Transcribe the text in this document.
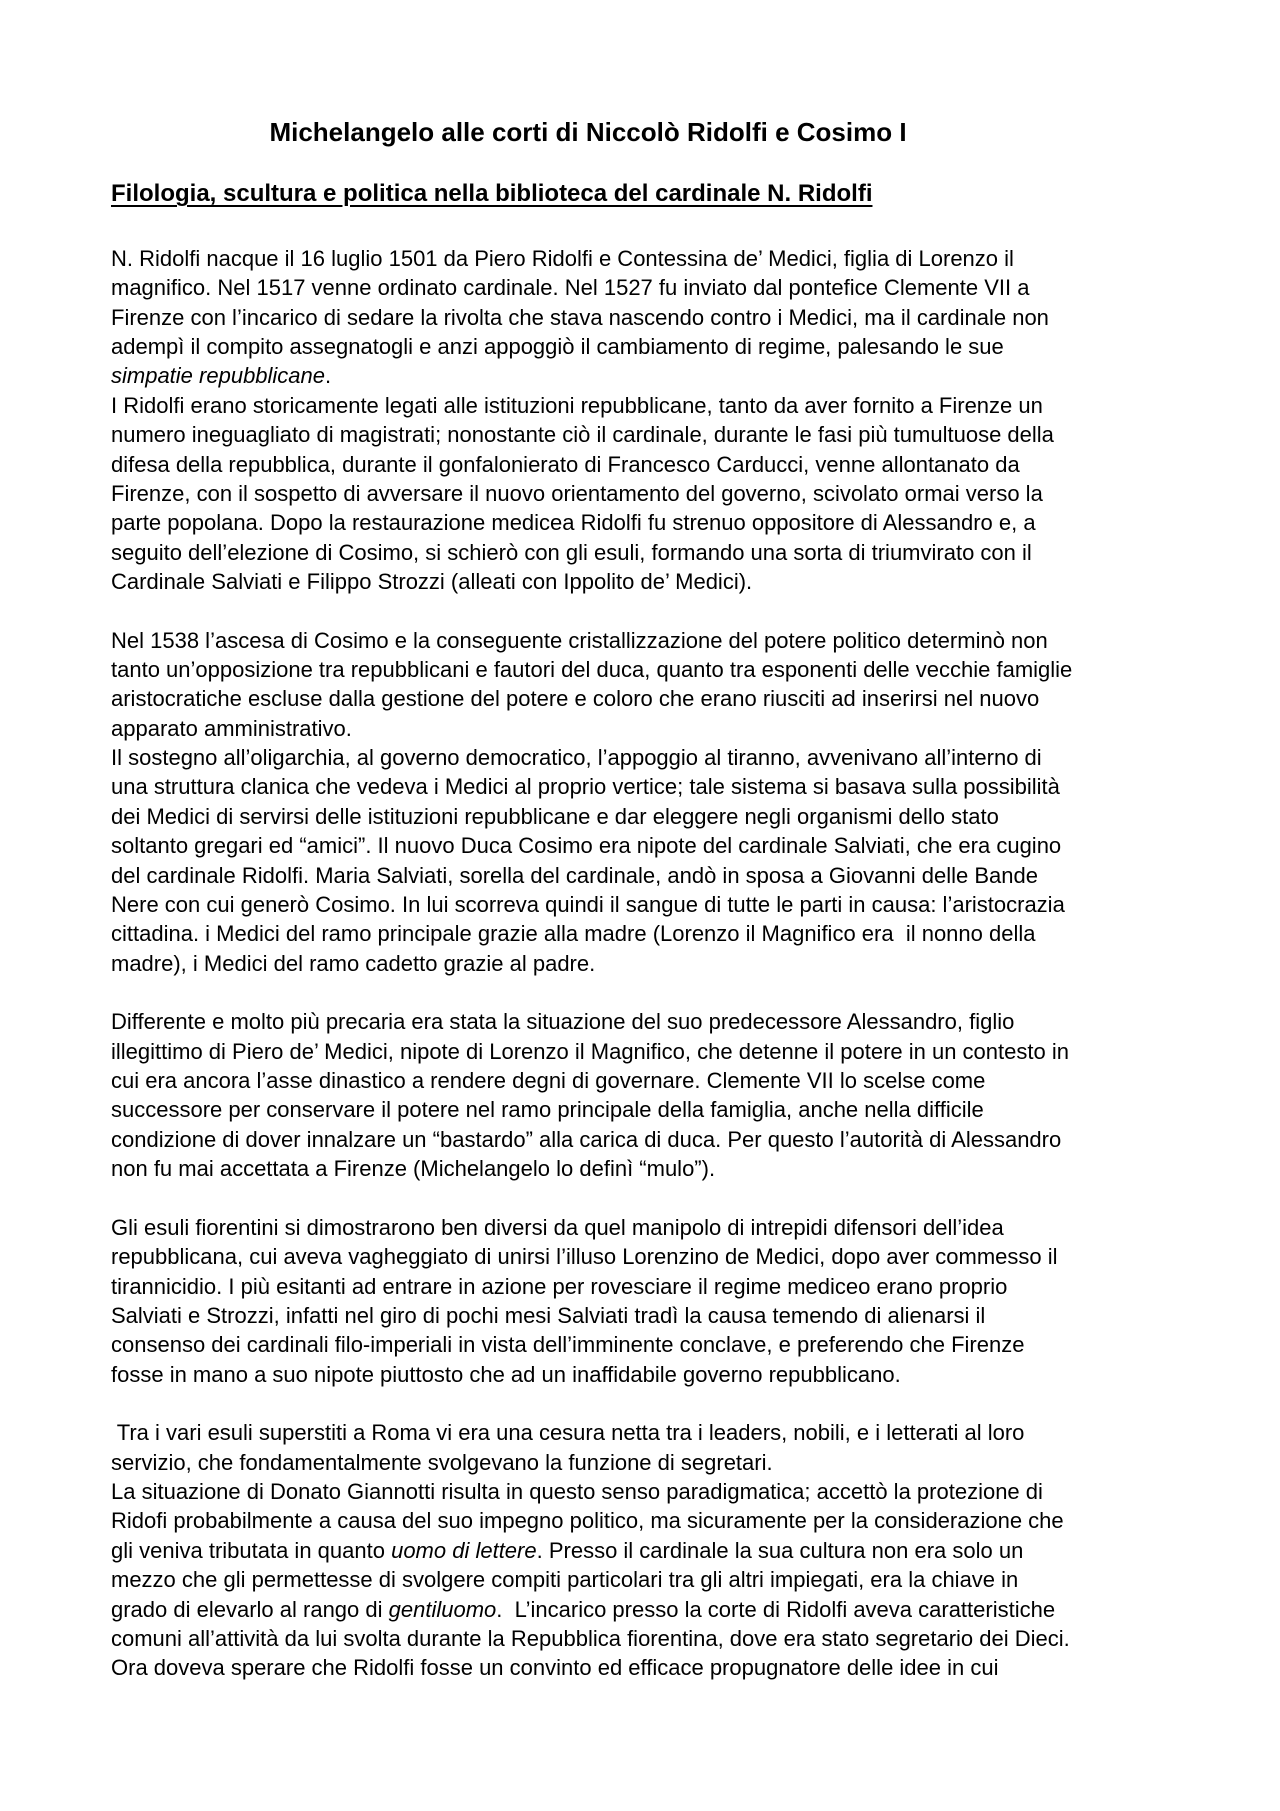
Michelangelo alle corti di Niccolò Ridolfi e Cosimo I
Filologia, scultura e politica nella biblioteca del cardinale N. Ridolfi
N. Ridolfi nacque il 16 luglio 1501 da Piero Ridolfi e Contessina de’ Medici, figlia di Lorenzo il
magnifico. Nel 1517 venne ordinato cardinale. Nel 1527 fu inviato dal pontefice Clemente VII a
Firenze con l’incarico di sedare la rivolta che stava nascendo contro i Medici, ma il cardinale non
adempì il compito assegnatogli e anzi appoggiò il cambiamento di regime, palesando le sue
simpatie repubblicane.
I Ridolfi erano storicamente legati alle istituzioni repubblicane, tanto da aver fornito a Firenze un
numero ineguagliato di magistrati; nonostante ciò il cardinale, durante le fasi più tumultuose della
difesa della repubblica, durante il gonfalonierato di Francesco Carducci, venne allontanato da
Firenze, con il sospetto di avversare il nuovo orientamento del governo, scivolato ormai verso la
parte popolana. Dopo la restaurazione medicea Ridolfi fu strenuo oppositore di Alessandro e, a
seguito dell’elezione di Cosimo, si schierò con gli esuli, formando una sorta di triumvirato con il
Cardinale Salviati e Filippo Strozzi (alleati con Ippolito de’ Medici).
Nel 1538 l’ascesa di Cosimo e la conseguente cristallizzazione del potere politico determinò non
tanto un’opposizione tra repubblicani e fautori del duca, quanto tra esponenti delle vecchie famiglie
aristocratiche escluse dalla gestione del potere e coloro che erano riusciti ad inserirsi nel nuovo
apparato amministrativo.
Il sostegno all’oligarchia, al governo democratico, l’appoggio al tiranno, avvenivano all’interno di
una struttura clanica che vedeva i Medici al proprio vertice; tale sistema si basava sulla possibilità
dei Medici di servirsi delle istituzioni repubblicane e dar eleggere negli organismi dello stato
soltanto gregari ed “amici”. Il nuovo Duca Cosimo era nipote del cardinale Salviati, che era cugino
del cardinale Ridolfi. Maria Salviati, sorella del cardinale, andò in sposa a Giovanni delle Bande
Nere con cui generò Cosimo. In lui scorreva quindi il sangue di tutte le parti in causa: l’aristocrazia
cittadina. i Medici del ramo principale grazie alla madre (Lorenzo il Magnifico era  il nonno della
madre), i Medici del ramo cadetto grazie al padre.
Differente e molto più precaria era stata la situazione del suo predecessore Alessandro, figlio
illegittimo di Piero de’ Medici, nipote di Lorenzo il Magnifico, che detenne il potere in un contesto in
cui era ancora l’asse dinastico a rendere degni di governare. Clemente VII lo scelse come
successore per conservare il potere nel ramo principale della famiglia, anche nella difficile
condizione di dover innalzare un “bastardo” alla carica di duca. Per questo l’autorità di Alessandro
non fu mai accettata a Firenze (Michelangelo lo definì “mulo”).
Gli esuli fiorentini si dimostrarono ben diversi da quel manipolo di intrepidi difensori dell’idea
repubblicana, cui aveva vagheggiato di unirsi l’illuso Lorenzino de Medici, dopo aver commesso il
tirannicidio. I più esitanti ad entrare in azione per rovesciare il regime mediceo erano proprio
Salviati e Strozzi, infatti nel giro di pochi mesi Salviati tradì la causa temendo di alienarsi il
consenso dei cardinali filo-imperiali in vista dell’imminente conclave, e preferendo che Firenze
fosse in mano a suo nipote piuttosto che ad un inaffidabile governo repubblicano.
Tra i vari esuli superstiti a Roma vi era una cesura netta tra i leaders, nobili, e i letterati al loro
servizio, che fondamentalmente svolgevano la funzione di segretari.
La situazione di Donato Giannotti risulta in questo senso paradigmatica; accettò la protezione di
Ridofi probabilmente a causa del suo impegno politico, ma sicuramente per la considerazione che
gli veniva tributata in quanto uomo di lettere. Presso il cardinale la sua cultura non era solo un
mezzo che gli permettesse di svolgere compiti particolari tra gli altri impiegati, era la chiave in
grado di elevarlo al rango di gentiluomo.  L’incarico presso la corte di Ridolfi aveva caratteristiche
comuni all’attività da lui svolta durante la Repubblica fiorentina, dove era stato segretario dei Dieci.
Ora doveva sperare che Ridolfi fosse un convinto ed efficace propugnatore delle idee in cui
